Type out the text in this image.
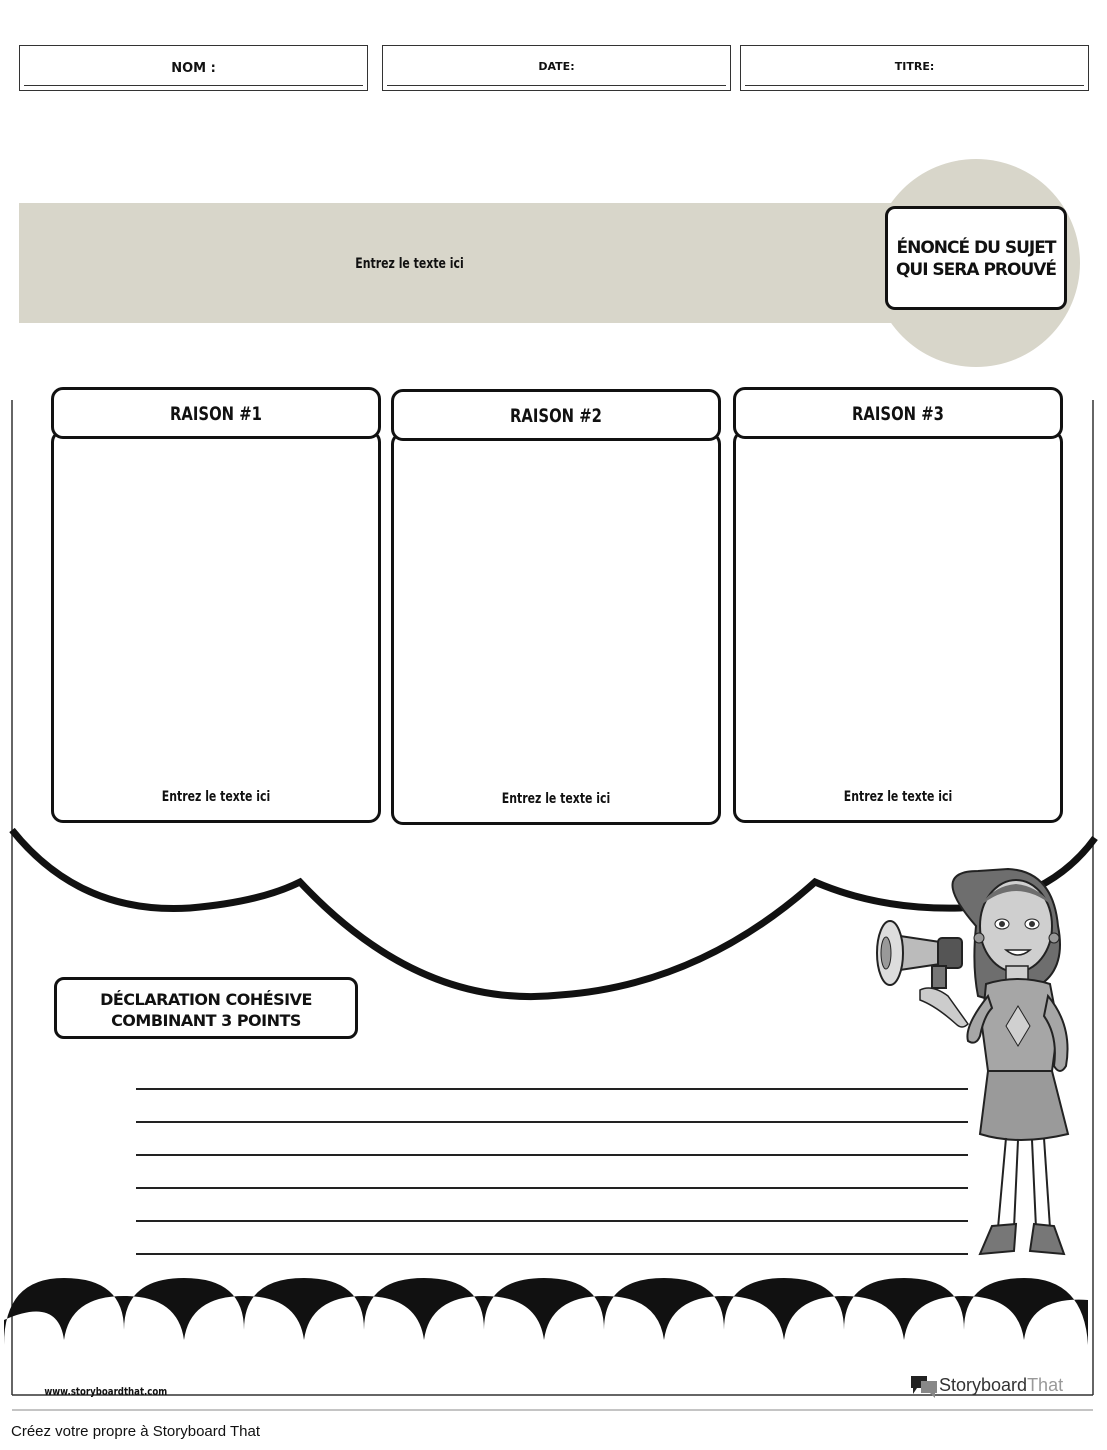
NOM :	DATE:	TITRE:
Entrez le texte ici
ÉNONCÉ DU SUJET QUI SERA PROUVÉ
RAISON #1
Entrez le texte ici
RAISON #2
Entrez le texte ici
RAISON #3
Entrez le texte ici
DÉCLARATION COHÉSIVE COMBINANT 3 POINTS
www.storyboardthat.com	StoryboardThat
Créez votre propre à Storyboard That
